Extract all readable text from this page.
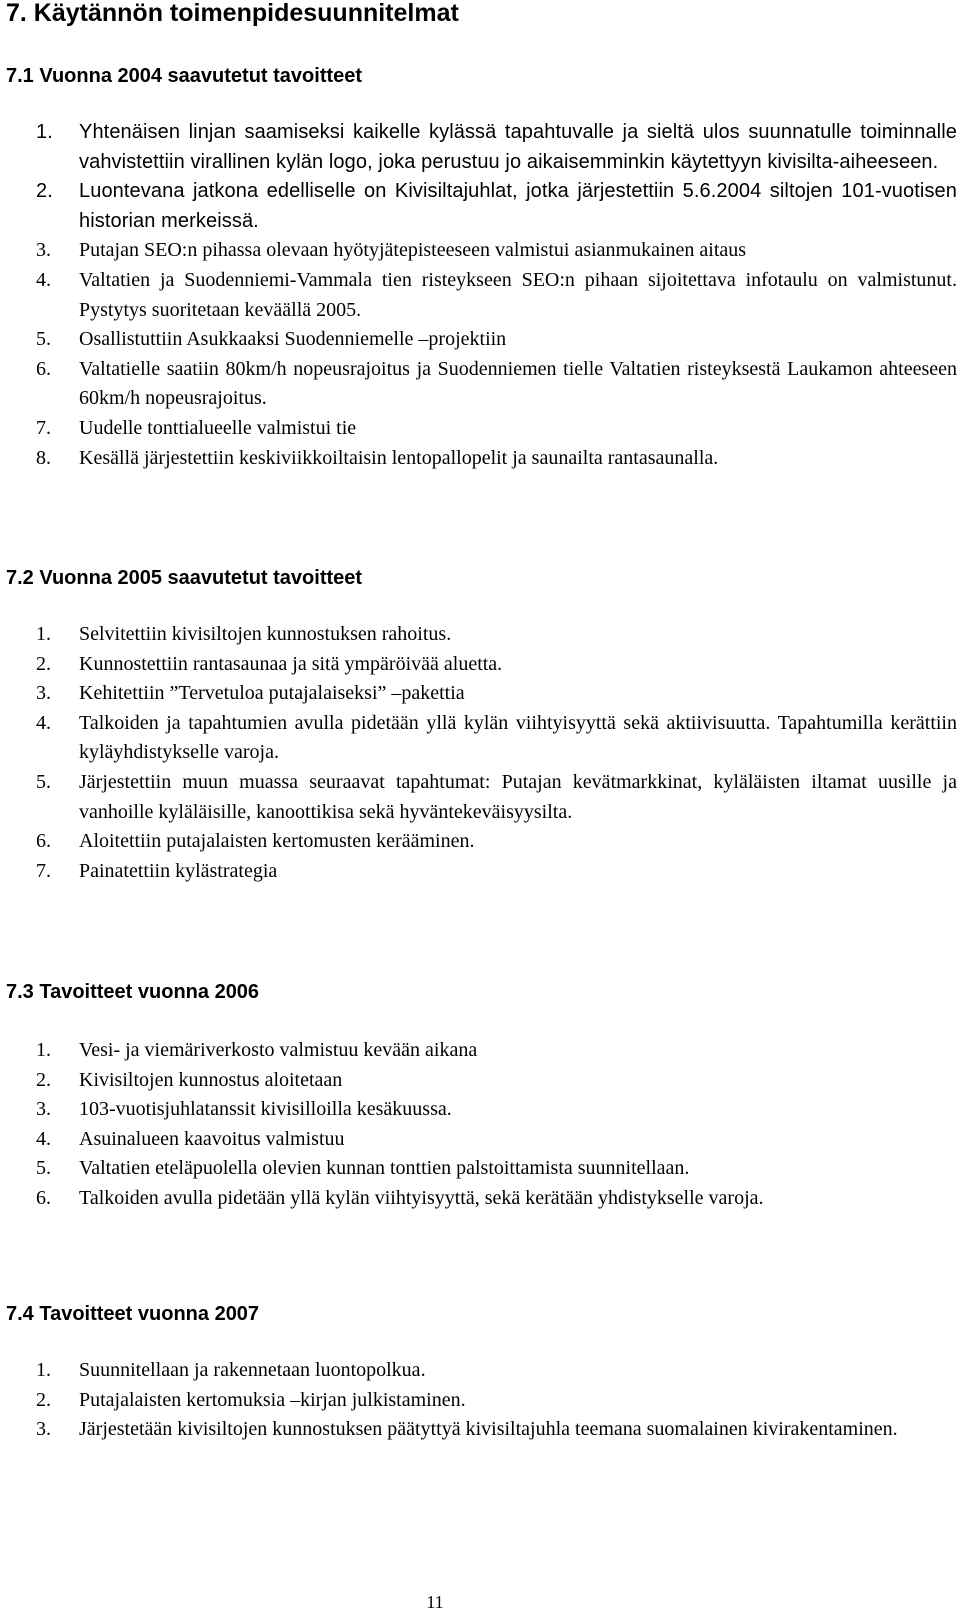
7. Käytännön toimenpidesuunnitelmat
7.1 Vuonna 2004 saavutetut tavoitteet
1. Yhtenäisen linjan saamiseksi kaikelle kylässä tapahtuvalle ja sieltä ulos suunnatulle toiminnalle vahvistettiin virallinen kylän logo, joka perustuu jo aikaisemminkin käytettyyn kivisilta-aiheeseen.
2. Luontevana jatkona edelliselle on Kivisiltajuhlat, jotka järjestettiin 5.6.2004 siltojen 101-vuotisen historian merkeissä.
3. Putajan SEO:n pihassa olevaan hyötyjätepisteeseen valmistui asianmukainen aitaus
4. Valtatien ja Suodenniemi-Vammala tien risteykseen SEO:n pihaan sijoitettava infotaulu on valmistunut. Pystytys suoritetaan keväällä 2005.
5. Osallistuttiin Asukkaaksi Suodenniemelle –projektiin
6. Valtatielle saatiin 80km/h nopeusrajoitus ja Suodenniemen tielle Valtatien risteyksestä Laukamon ahteeseen 60km/h nopeusrajoitus.
7. Uudelle tonttialueelle valmistui tie
8. Kesällä järjestettiin keskiviikkoiltaisin lentopallopelit ja saunailta rantasaunalla.
7.2 Vuonna 2005 saavutetut tavoitteet
1. Selvitettiin kivisiltojen kunnostuksen rahoitus.
2. Kunnostettiin rantasaunaa ja sitä ympäröivää aluetta.
3. Kehitettiin ”Tervetuloa putajalaiseksi” –pakettia
4. Talkoiden ja tapahtumien avulla pidetään yllä kylän viihtyisyyttä sekä aktiivisuutta. Tapahtumilla kerättiin kyläyhdistykselle varoja.
5. Järjestettiin muun muassa seuraavat tapahtumat: Putajan kevätmarkkinat, kyläläisten iltamat uusille ja vanhoille kyläläisille, kanoottikisa sekä hyväntekeväisyysilta.
6. Aloitettiin putajalaisten kertomusten kerääminen.
7. Painatettiin kylästrategia
7.3 Tavoitteet vuonna 2006
1. Vesi- ja viemäriverkosto valmistuu kevään aikana
2. Kivisiltojen kunnostus aloitetaan
3. 103-vuotisjuhlatanssit kivisilloilla kesäkuussa.
4. Asuinalueen kaavoitus valmistuu
5. Valtatien eteläpuolella olevien kunnan tonttien palstoittamista suunnitellaan.
6. Talkoiden avulla pidetään yllä kylän viihtyisyyttä, sekä kerätään yhdistykselle varoja.
7.4 Tavoitteet vuonna 2007
1. Suunnitellaan ja rakennetaan luontopolkua.
2. Putajalaisten kertomuksia –kirjan julkistaminen.
3. Järjestetään kivisiltojen kunnostuksen päätyttyä kivisiltajuhla teemana suomalainen kivirakentaminen.
11
